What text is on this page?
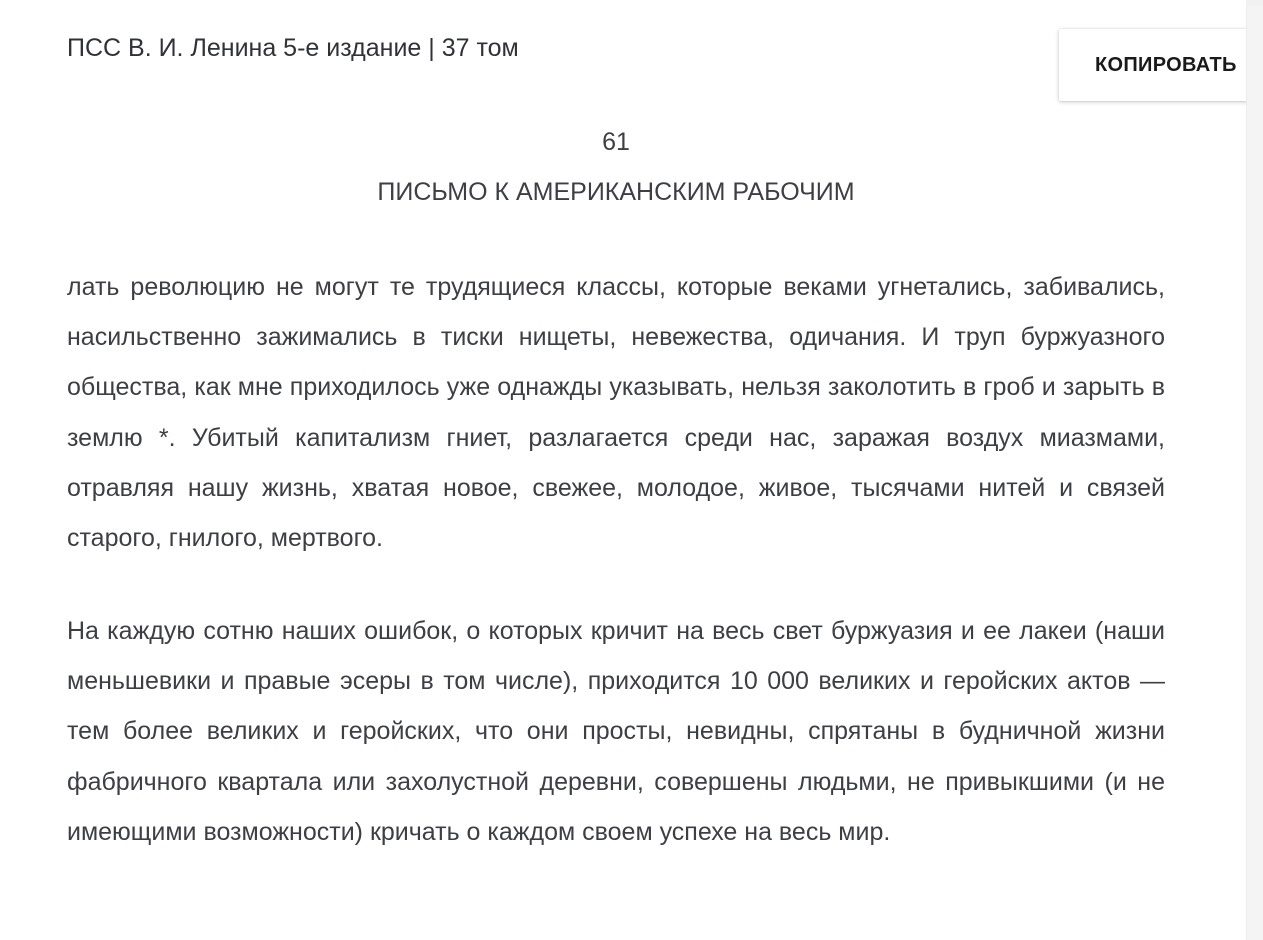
ПСС В. И. Ленина 5-е издание | 37 том
61
ПИСЬМО К АМЕРИКАНСКИМ РАБОЧИМ

лать революцию не могут те трудящиеся классы, которые веками угнетались, забивались, насильственно зажимались в тиски нищеты, невежества, одичания. И труп буржуазного общества, как мне приходилось уже однажды указывать, нельзя заколотить в гроб и зарыть в землю *. Убитый капитализм гниет, разлагается среди нас, заражая воздух миазмами, отравляя нашу жизнь, хватая новое, свежее, молодое, живое, тысячами нитей и связей старого, гнилого, мертвого.

На каждую сотню наших ошибок, о которых кричит на весь свет буржуазия и ее лакеи (наши меньшевики и правые эсеры в том числе), приходится 10 000 великих и геройских актов — тем более великих и геройских, что они просты, невидны, спрятаны в будничной жизни фабричного квартала или захолустной деревни, совершены людьми, не привыкшими (и не имеющими возможности) кричать о каждом своем успехе на весь мир.

КОПИРОВАТЬ
